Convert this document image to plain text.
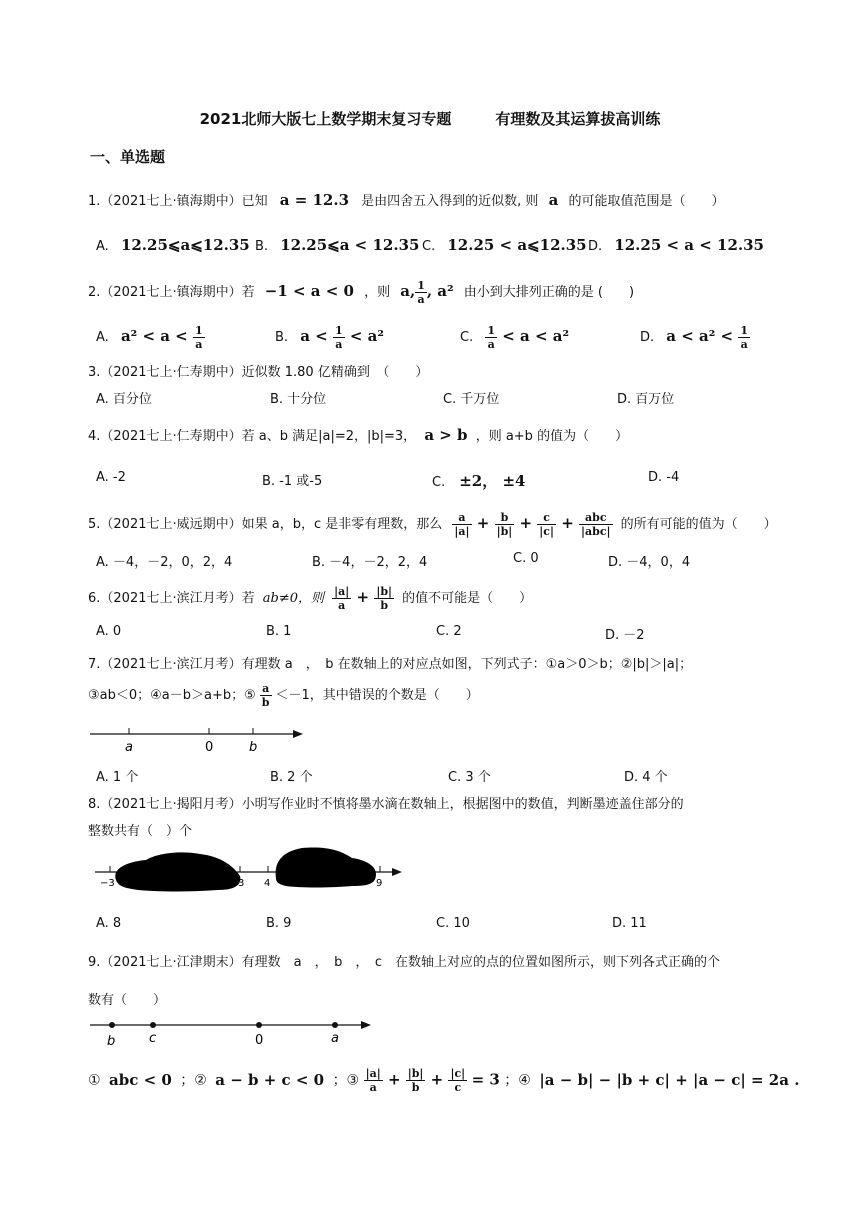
2021北师大版七上数学期末复习专题	有理数及其运算拔高训练
一、单选题
1.（2021七上·镇海期中）已知 a = 12.3 是由四舍五入得到的近似数, 则 a 的可能取值范围是（　　）
A. 12.25⩽a⩽12.35 B. 12.25⩽a < 12.35 C. 12.25 < a⩽12.35 D. 12.25 < a < 12.35
2.（2021七上·镇海期中）若 −1 < a < 0 ，则 a, $\frac{1}{a}$ , a² 由小到大排列正确的是 (　　)
A. $a^2 < a < \frac{1}{a}$	B. $a < \frac{1}{a} < a^2$	C. $\frac{1}{a} < a < a^2$	D. $a < a^2 < \frac{1}{a}$
3.（2021七上·仁寿期中）近似数 1.80 亿精确到　（　　）
A. 百分位	B. 十分位	C. 千万位	D. 百万位
4.（2021七上·仁寿期中）若 a、b 满足|a|=2，|b|=3， a > b ，则 a+b 的值为（　　）
A. -2	B. -1 或-5	C. ±2， ±4	D. -4
5.（2021七上·威远期中）如果 a，b，c 是非零有理数，那么 $\frac{a}{|a|} + \frac{b}{|b|} + \frac{c}{|c|} + \frac{\text{abc}}{\text{|abc|}}$ 的所有可能的值为（　　）
A. －4，－2，0，2，4	B. －4，－2，2，4	C. 0	D. －4，0，4
6.（2021七上·滨江月考）若 ab≠0，则 $\frac{|a|}{a} + \frac{|b|}{b}$ 的值不可能是（　　）
A. 0	B. 1	C. 2	D. －2
7.（2021七上·滨江月考）有理数 a　，　b 在数轴上的对应点如图，下列式子：①a＞0＞b；②|b|＞|a|；
③ab＜0；④a－b＞a+b；⑤ $\frac{a}{b} <-1$，其中错误的个数是（　　）
a	0	b
A. 1 个	B. 2 个	C. 3 个	D. 4 个
8.（2021七上·揭阳月考）小明写作业时不慎将墨水滴在数轴上，根据图中的数值，判断墨迹盖住部分的
整数共有（　）个
−3	3 4	9
A. 8	B. 9	C. 10	D. 11
9.（2021七上·江津期末）有理数　a　，　b　，　c　在数轴上对应的点的位置如图所示，则下列各式正确的个
数有（　　）
b	c	0	a
① abc < 0 ；② a − b + c < 0 ；③ $\frac{|a|}{a} + \frac{|b|}{b} + \frac{|c|}{c} = 3$ ；④ |a − b| − |b + c| + |a − c| = 2a .
